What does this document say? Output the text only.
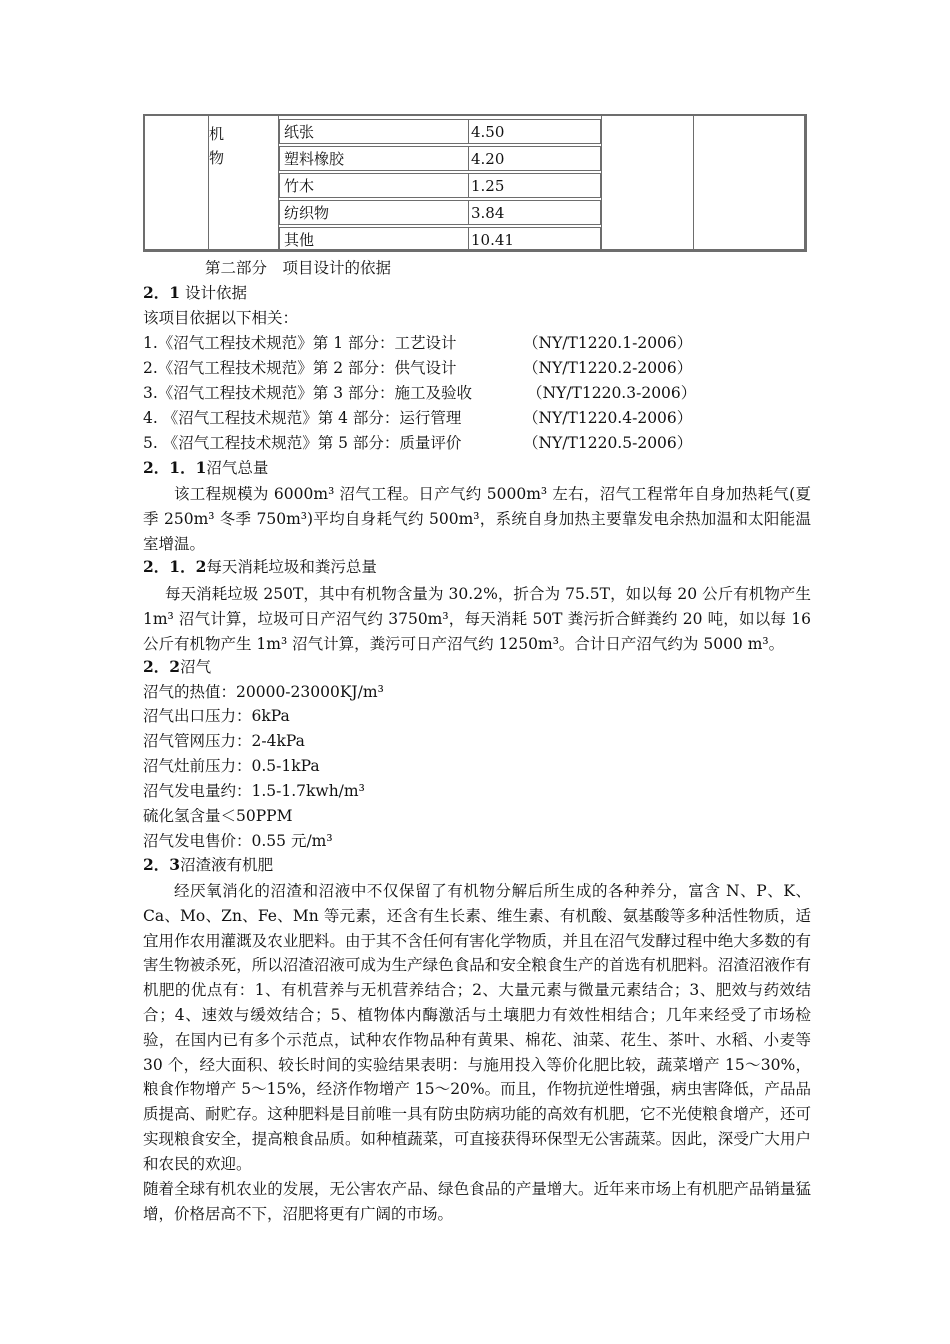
机
物
纸张	4.50
塑料橡胶	4.20
竹木	1.25
纺织物	3.84
其他	10.41
第二部分　项目设计的依据
2．1 设计依据
该项目依据以下相关：
1.《沼气工程技术规范》第 1 部分：工艺设计	（NY/T1220.1-2006）
2.《沼气工程技术规范》第 2 部分：供气设计	（NY/T1220.2-2006）
3.《沼气工程技术规范》第 3 部分：施工及验收	（NY/T1220.3-2006）
4. 《沼气工程技术规范》第 4 部分：运行管理	（NY/T1220.4-2006）
5. 《沼气工程技术规范》第 5 部分：质量评价	（NY/T1220.5-2006）
2．1．1沼气总量
该工程规模为 6000m³ 沼气工程。日产气约 5000m³ 左右，沼气工程常年自身加热耗气(夏季 250m³ 冬季 750m³)平均自身耗气约 500m³，系统自身加热主要靠发电余热加温和太阳能温室增温。
2．1．2每天消耗垃圾和粪污总量
每天消耗垃圾 250T，其中有机物含量为 30.2%，折合为 75.5T，如以每 20 公斤有机物产生 1m³ 沼气计算，垃圾可日产沼气约 3750m³，每天消耗 50T 粪污折合鲜粪约 20 吨，如以每 16 公斤有机物产生 1m³ 沼气计算，粪污可日产沼气约 1250m³。合计日产沼气约为 5000 m³。
2．2沼气
沼气的热值：20000-23000KJ/m³
沼气出口压力：6kPa
沼气管网压力：2-4kPa
沼气灶前压力：0.5-1kPa
沼气发电量约：1.5-1.7kwh/m³
硫化氢含量＜50PPM
沼气发电售价：0.55 元/m³
2．3沼渣液有机肥
经厌氧消化的沼渣和沼液中不仅保留了有机物分解后所生成的各种养分，富含 N、P、K、Ca、Mo、Zn、Fe、Mn 等元素，还含有生长素、维生素、有机酸、氨基酸等多种活性物质，适宜用作农用灌溉及农业肥料。由于其不含任何有害化学物质，并且在沼气发酵过程中绝大多数的有害生物被杀死，所以沼渣沼液可成为生产绿色食品和安全粮食生产的首选有机肥料。沼渣沼液作有机肥的优点有：1、有机营养与无机营养结合；2、大量元素与微量元素结合；3、肥效与药效结合；4、速效与缓效结合；5、植物体内酶激活与土壤肥力有效性相结合；几年来经受了市场检验，在国内已有多个示范点，试种农作物品种有黄果、棉花、油菜、花生、茶叶、水稻、小麦等 30 个，经大面积、较长时间的实验结果表明：与施用投入等价化肥比较，蔬菜增产 15～30%，粮食作物增产 5～15%，经济作物增产 15～20%。而且，作物抗逆性增强，病虫害降低，产品品质提高、耐贮存。这种肥料是目前唯一具有防虫防病功能的高效有机肥，它不光使粮食增产，还可实现粮食安全，提高粮食品质。如种植蔬菜，可直接获得环保型无公害蔬菜。因此，深受广大用户和农民的欢迎。
随着全球有机农业的发展，无公害农产品、绿色食品的产量增大。近年来市场上有机肥产品销量猛增，价格居高不下，沼肥将更有广阔的市场。
